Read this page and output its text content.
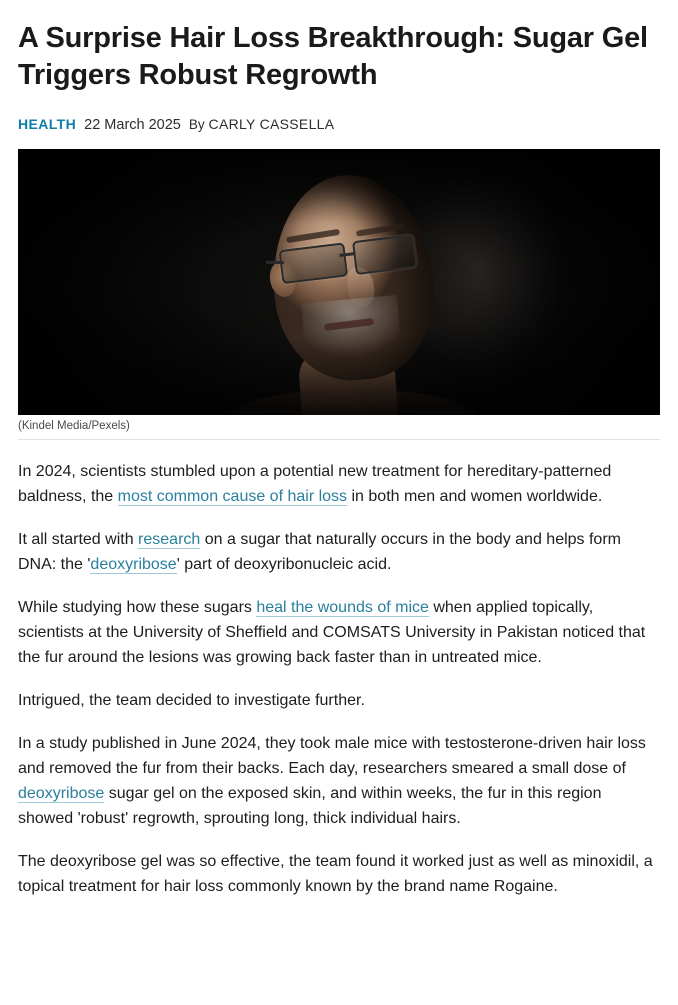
A Surprise Hair Loss Breakthrough: Sugar Gel Triggers Robust Regrowth
HEALTH 22 March 2025 By CARLY CASSELLA
(Kindel Media/Pexels)

In 2024, scientists stumbled upon a potential new treatment for hereditary-patterned baldness, the most common cause of hair loss in both men and women worldwide.

It all started with research on a sugar that naturally occurs in the body and helps form DNA: the 'deoxyribose' part of deoxyribonucleic acid.

While studying how these sugars heal the wounds of mice when applied topically, scientists at the University of Sheffield and COMSATS University in Pakistan noticed that the fur around the lesions was growing back faster than in untreated mice.

Intrigued, the team decided to investigate further.

In a study published in June 2024, they took male mice with testosterone-driven hair loss and removed the fur from their backs. Each day, researchers smeared a small dose of deoxyribose sugar gel on the exposed skin, and within weeks, the fur in this region showed 'robust' regrowth, sprouting long, thick individual hairs.

The deoxyribose gel was so effective, the team found it worked just as well as minoxidil, a topical treatment for hair loss commonly known by the brand name Rogaine.
